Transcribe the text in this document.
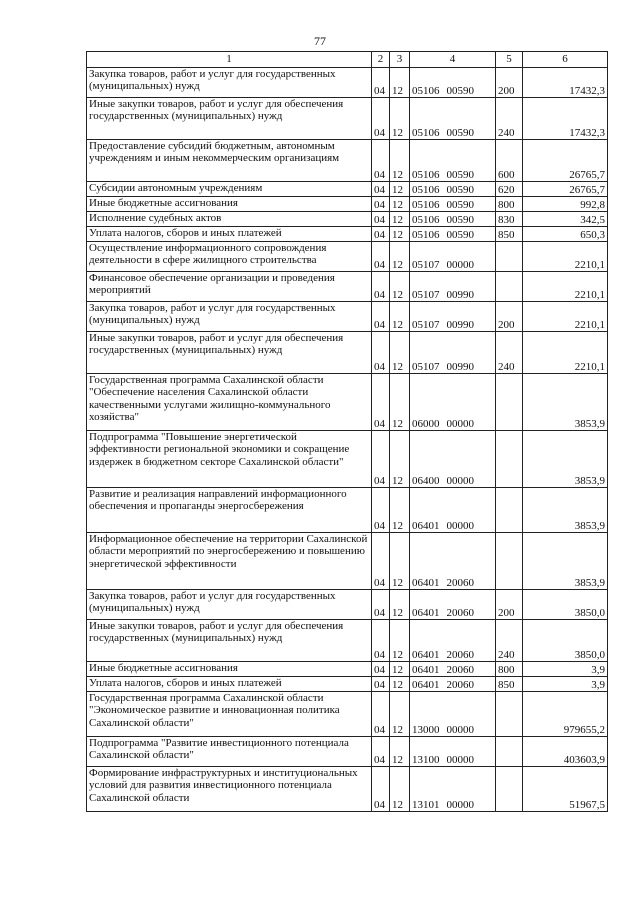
77
1	2	3	4	5	6
Закупка товаров, работ и услуг для государственных (муниципальных) нужд	04	12	05106 00590	200	17432,3
Иные закупки товаров, работ и услуг для обеспечения государственных (муниципальных) нужд	04	12	05106 00590	240	17432,3
Предоставление субсидий бюджетным, автономным учреждениям и иным некоммерческим организациям	04	12	05106 00590	600	26765,7
Субсидии автономным учреждениям	04	12	05106 00590	620	26765,7
Иные бюджетные ассигнования	04	12	05106 00590	800	992,8
Исполнение судебных актов	04	12	05106 00590	830	342,5
Уплата налогов, сборов и иных платежей	04	12	05106 00590	850	650,3
Осуществление информационного сопровождения деятельности в сфере жилищного строительства	04	12	05107 00000		2210,1
Финансовое обеспечение организации и проведения мероприятий	04	12	05107 00990		2210,1
Закупка товаров, работ и услуг для государственных (муниципальных) нужд	04	12	05107 00990	200	2210,1
Иные закупки товаров, работ и услуг для обеспечения государственных (муниципальных) нужд	04	12	05107 00990	240	2210,1
Государственная программа Сахалинской области "Обеспечение населения Сахалинской области качественными услугами жилищно-коммунального хозяйства"	04	12	06000 00000		3853,9
Подпрограмма "Повышение энергетической эффективности региональной экономики и сокращение издержек в бюджетном секторе Сахалинской области"	04	12	06400 00000		3853,9
Развитие и реализация направлений информационного обеспечения и пропаганды энергосбережения	04	12	06401 00000		3853,9
Информационное обеспечение на территории Сахалинской области мероприятий по энергосбережению и повышению энергетической эффективности	04	12	06401 20060		3853,9
Закупка товаров, работ и услуг для государственных (муниципальных) нужд	04	12	06401 20060	200	3850,0
Иные закупки товаров, работ и услуг для обеспечения государственных (муниципальных) нужд	04	12	06401 20060	240	3850,0
Иные бюджетные ассигнования	04	12	06401 20060	800	3,9
Уплата налогов, сборов и иных платежей	04	12	06401 20060	850	3,9
Государственная программа Сахалинской области "Экономическое развитие и инновационная политика Сахалинской области"	04	12	13000 00000		979655,2
Подпрограмма "Развитие инвестиционного потенциала Сахалинской области"	04	12	13100 00000		403603,9
Формирование инфраструктурных и институциональных условий для развития инвестиционного потенциала Сахалинской области	04	12	13101 00000		51967,5
